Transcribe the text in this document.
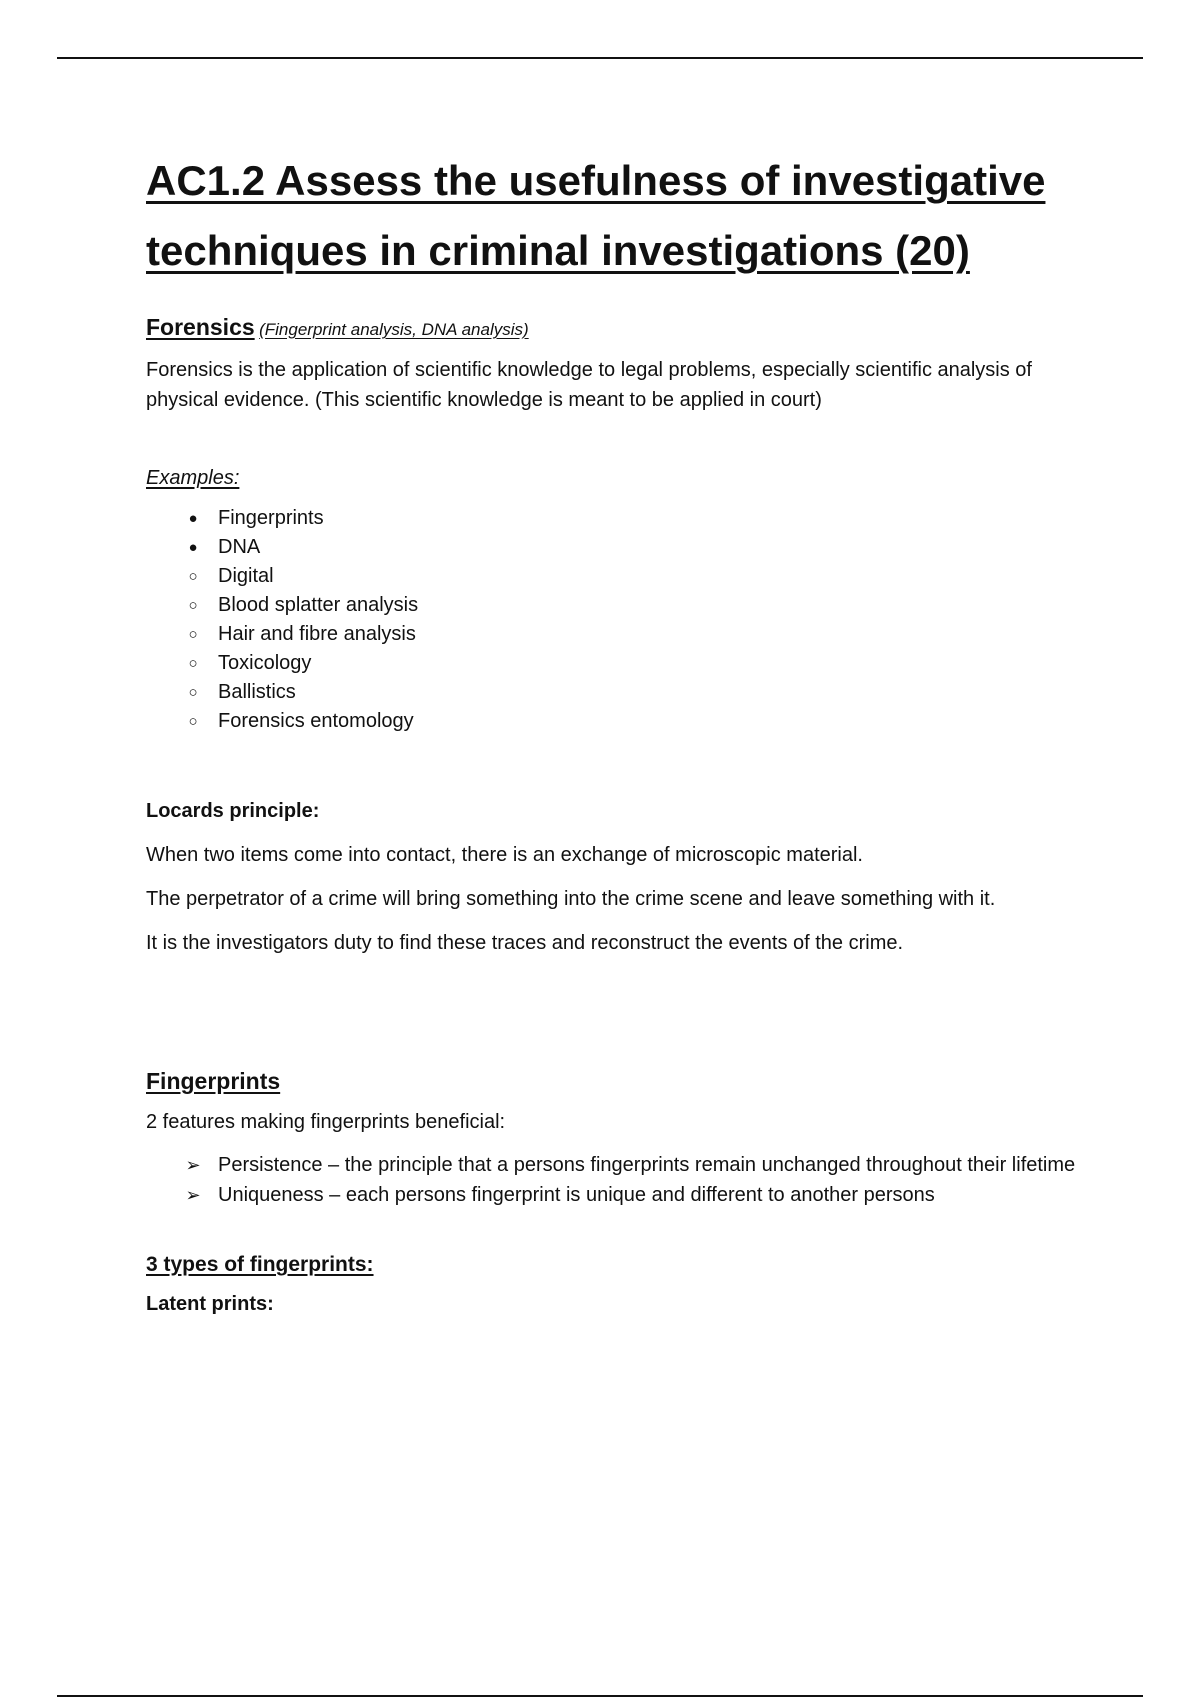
AC1.2 Assess the usefulness of investigative techniques in criminal investigations (20)
Forensics (Fingerprint analysis, DNA analysis)

Forensics is the application of scientific knowledge to legal problems, especially scientific analysis of physical evidence. (This scientific knowledge is meant to be applied in court)

Examples:

● Fingerprints
● DNA
○ Digital
○ Blood splatter analysis
○ Hair and fibre analysis
○ Toxicology
○ Ballistics
○ Forensics entomology

Locards principle:

When two items come into contact, there is an exchange of microscopic material.

The perpetrator of a crime will bring something into the crime scene and leave something with it.

It is the investigators duty to find these traces and reconstruct the events of the crime.

Fingerprints

2 features making fingerprints beneficial:

➢ Persistence – the principle that a persons fingerprints remain unchanged throughout their lifetime
➢ Uniqueness – each persons fingerprint is unique and different to another persons
3 types of fingerprints:

Latent prints:
